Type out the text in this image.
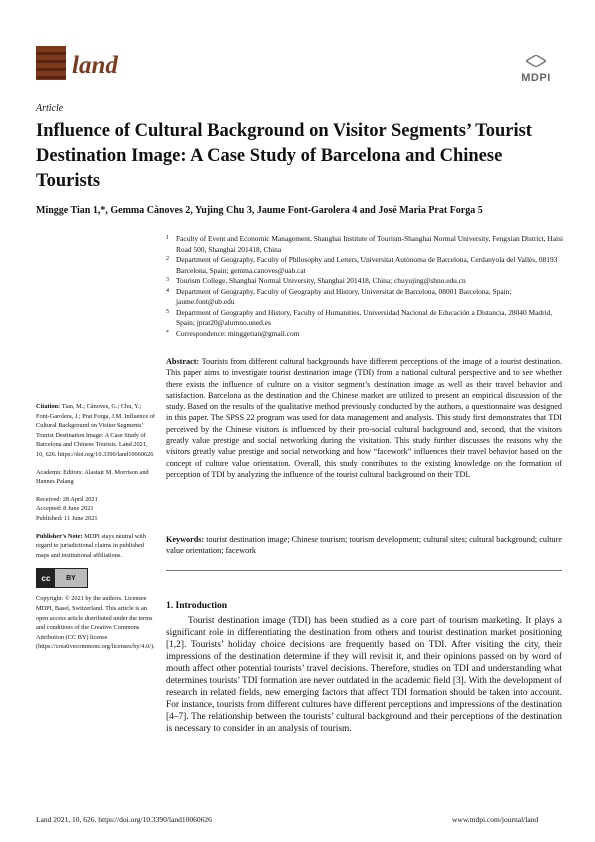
land	MDPI
Article
Influence of Cultural Background on Visitor Segments’ Tourist Destination Image: A Case Study of Barcelona and Chinese Tourists
Mingge Tian 1,*, Gemma Cànoves 2, Yujing Chu 3, Jaume Font-Garolera 4 and José Maria Prat Forga 5
1 Faculty of Event and Economic Management, Shanghai Institute of Tourism-Shanghai Normal University, Fengxian District, Haisi Road 500, Shanghai 201418, China
2 Department of Geography, Faculty of Philosophy and Letters, Universitat Autònoma de Barcelona, Cerdanyola del Vallès, 08193 Barcelona, Spain; gemma.canoves@uab.cat
3 Tourism College, Shanghai Normal University, Shanghai 201418, China; chuyujing@shnu.edu.cn
4 Department of Geography, Faculty of Geography and History, Universitat de Barcelona, 08001 Barcelona, Spain; jaume.font@ub.edu
5 Department of Geography and History, Faculty of Humanities, Universidad Nacional de Educación a Distancia, 28040 Madrid, Spain; jprat20@alumno.uned.es
* Correspondence: minggetian@gmail.com
Abstract: Tourists from different cultural backgrounds have different perceptions of the image of a tourist destination. This paper aims to investigate tourist destination image (TDI) from a national cultural perspective and to see whether there exists the influence of culture on a visitor segment’s destination image as well as their travel behavior and satisfaction. Barcelona as the destination and the Chinese market are utilized to present an empirical discussion of the study. Based on the results of the qualitative method previously conducted by the authors, a questionnaire was designed in this paper. The SPSS 22 program was used for data management and analysis. This study first demonstrates that TDI perceived by the Chinese visitors is influenced by their pro-social cultural background and, second, that the visitors greatly value prestige and social networking during the visitation. This study further discusses the reasons why the visitors greatly value prestige and social networking and how “facework” influences their travel behavior based on the concept of culture value orientation. Overall, this study contributes to the existing knowledge on the formation of perception of TDI by analyzing the influence of the tourist cultural background on their TDI.
Keywords: tourist destination image; Chinese tourism; tourism development; cultural sites; cultural background; culture value orientation; facework

Citation: Tian, M.; Cànoves, G.; Chu, Y.; Font-Garolera, J.; Prat Forga, J.M. Influence of Cultural Background on Visitor Segments’ Tourist Destination Image: A Case Study of Barcelona and Chinese Tourists. Land 2021, 10, 626. https://doi.org/10.3390/land10060626

Academic Editors: Alastair M. Morrison and Hannes Palang

Received: 28 April 2021
Accepted: 8 June 2021
Published: 11 June 2021

Publisher’s Note: MDPI stays neutral with regard to jurisdictional claims in published maps and institutional affiliations.

cc	BY

Copyright: © 2021 by the authors. Licensee MDPI, Basel, Switzerland. This article is an open access article distributed under the terms and conditions of the Creative Commons Attribution (CC BY) license (https://creativecommons.org/licenses/by/4.0/).

1. Introduction
Tourist destination image (TDI) has been studied as a core part of tourism marketing. It plays a significant role in differentiating the destination from others and tourist destination market positioning [1,2]. Tourists’ holiday choice decisions are frequently based on TDI. After visiting the city, their impressions of the destination determine if they will revisit it, and their opinions passed on by word of mouth affect other potential tourists’ travel decisions. Therefore, studies on TDI and understanding what determines tourists’ TDI formation are never outdated in the academic field [3]. With the development of research in related fields, new emerging factors that affect TDI formation should be taken into account. For instance, tourists from different cultures have different perceptions and impressions of the destination [4–7]. The relationship between the tourists’ cultural background and their perceptions of the destination is necessary to consider in an analysis of tourism.
Land 2021, 10, 626. https://doi.org/10.3390/land10060626	www.mdpi.com/journal/land
